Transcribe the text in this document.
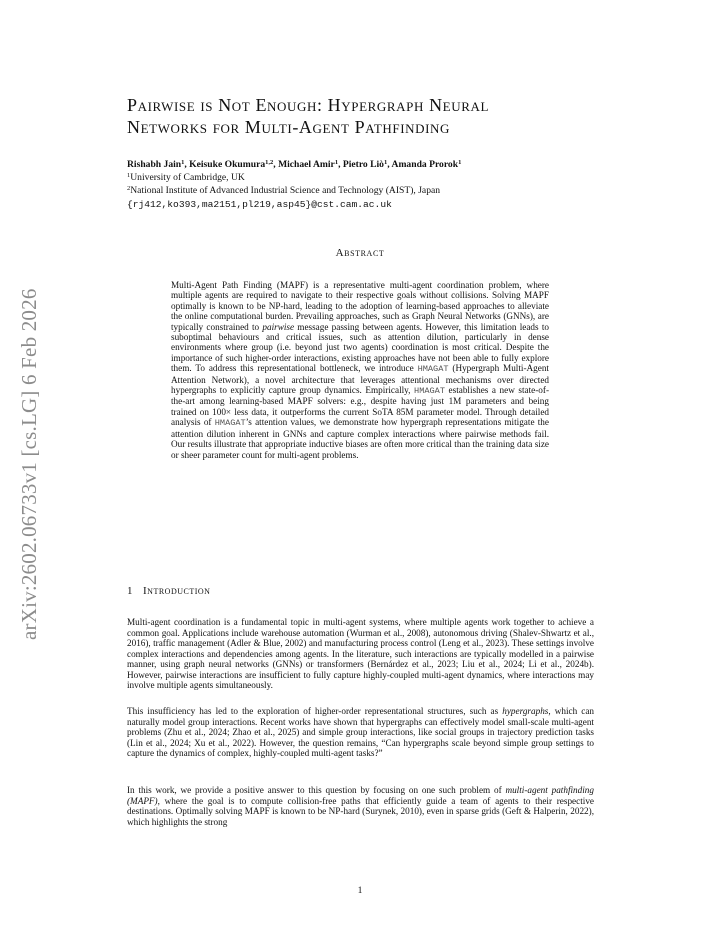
arXiv:2602.06733v1 [cs.LG] 6 Feb 2026
Pairwise is Not Enough: Hypergraph Neural
Networks for Multi-Agent Pathfinding
Rishabh Jain$^1$, Keisuke Okumura$^{1,2}$, Michael Amir$^1$, Pietro Liò$^1$, Amanda Prorok$^1$
$^1$University of Cambridge, UK
$^2$National Institute of Advanced Industrial Science and Technology (AIST), Japan
{rj412,ko393,ma2151,pl219,asp45}@cst.cam.ac.uk
Abstract
Multi-Agent Path Finding (MAPF) is a representative multi-agent coordination problem, where multiple agents are required to navigate to their respective goals without collisions. Solving MAPF optimally is known to be NP-hard, leading to the adoption of learning-based approaches to alleviate the online computational burden. Prevailing approaches, such as Graph Neural Networks (GNNs), are typically constrained to pairwise message passing between agents. However, this limitation leads to suboptimal behaviours and critical issues, such as attention dilution, particularly in dense environments where group (i.e. beyond just two agents) coordination is most critical. Despite the importance of such higher-order interactions, existing approaches have not been able to fully explore them. To address this representational bottleneck, we introduce HMAGAT (Hypergraph Multi-Agent Attention Network), a novel architecture that leverages attentional mechanisms over directed hypergraphs to explicitly capture group dynamics. Empirically, HMAGAT establishes a new state-of-the-art among learning-based MAPF solvers: e.g., despite having just 1M parameters and being trained on 100× less data, it outperforms the current SoTA 85M parameter model. Through detailed analysis of HMAGAT’s attention values, we demonstrate how hypergraph representations mitigate the attention dilution inherent in GNNs and capture complex interactions where pairwise methods fail. Our results illustrate that appropriate inductive biases are often more critical than the training data size or sheer parameter count for multi-agent problems.
1 Introduction

Multi-agent coordination is a fundamental topic in multi-agent systems, where multiple agents work together to achieve a common goal. Applications include warehouse automation (Wurman et al., 2008), autonomous driving (Shalev-Shwartz et al., 2016), traffic management (Adler & Blue, 2002) and manufacturing process control (Leng et al., 2023). These settings involve complex interactions and dependencies among agents. In the literature, such interactions are typically modelled in a pairwise manner, using graph neural networks (GNNs) or transformers (Bernárdez et al., 2023; Liu et al., 2024; Li et al., 2024b). However, pairwise interactions are insufficient to fully capture highly-coupled multi-agent dynamics, where interactions may involve multiple agents simultaneously.

This insufficiency has led to the exploration of higher-order representational structures, such as hypergraphs, which can naturally model group interactions. Recent works have shown that hypergraphs can effectively model small-scale multi-agent problems (Zhu et al., 2024; Zhao et al., 2025) and simple group interactions, like social groups in trajectory prediction tasks (Lin et al., 2024; Xu et al., 2022). However, the question remains, “Can hypergraphs scale beyond simple group settings to capture the dynamics of complex, highly-coupled multi-agent tasks?”

In this work, we provide a positive answer to this question by focusing on one such problem of multi-agent pathfinding (MAPF), where the goal is to compute collision-free paths that efficiently guide a team of agents to their respective destinations. Optimally solving MAPF is known to be NP-hard (Surynek, 2010), even in sparse grids (Geft & Halperin, 2022), which highlights the strong

1
